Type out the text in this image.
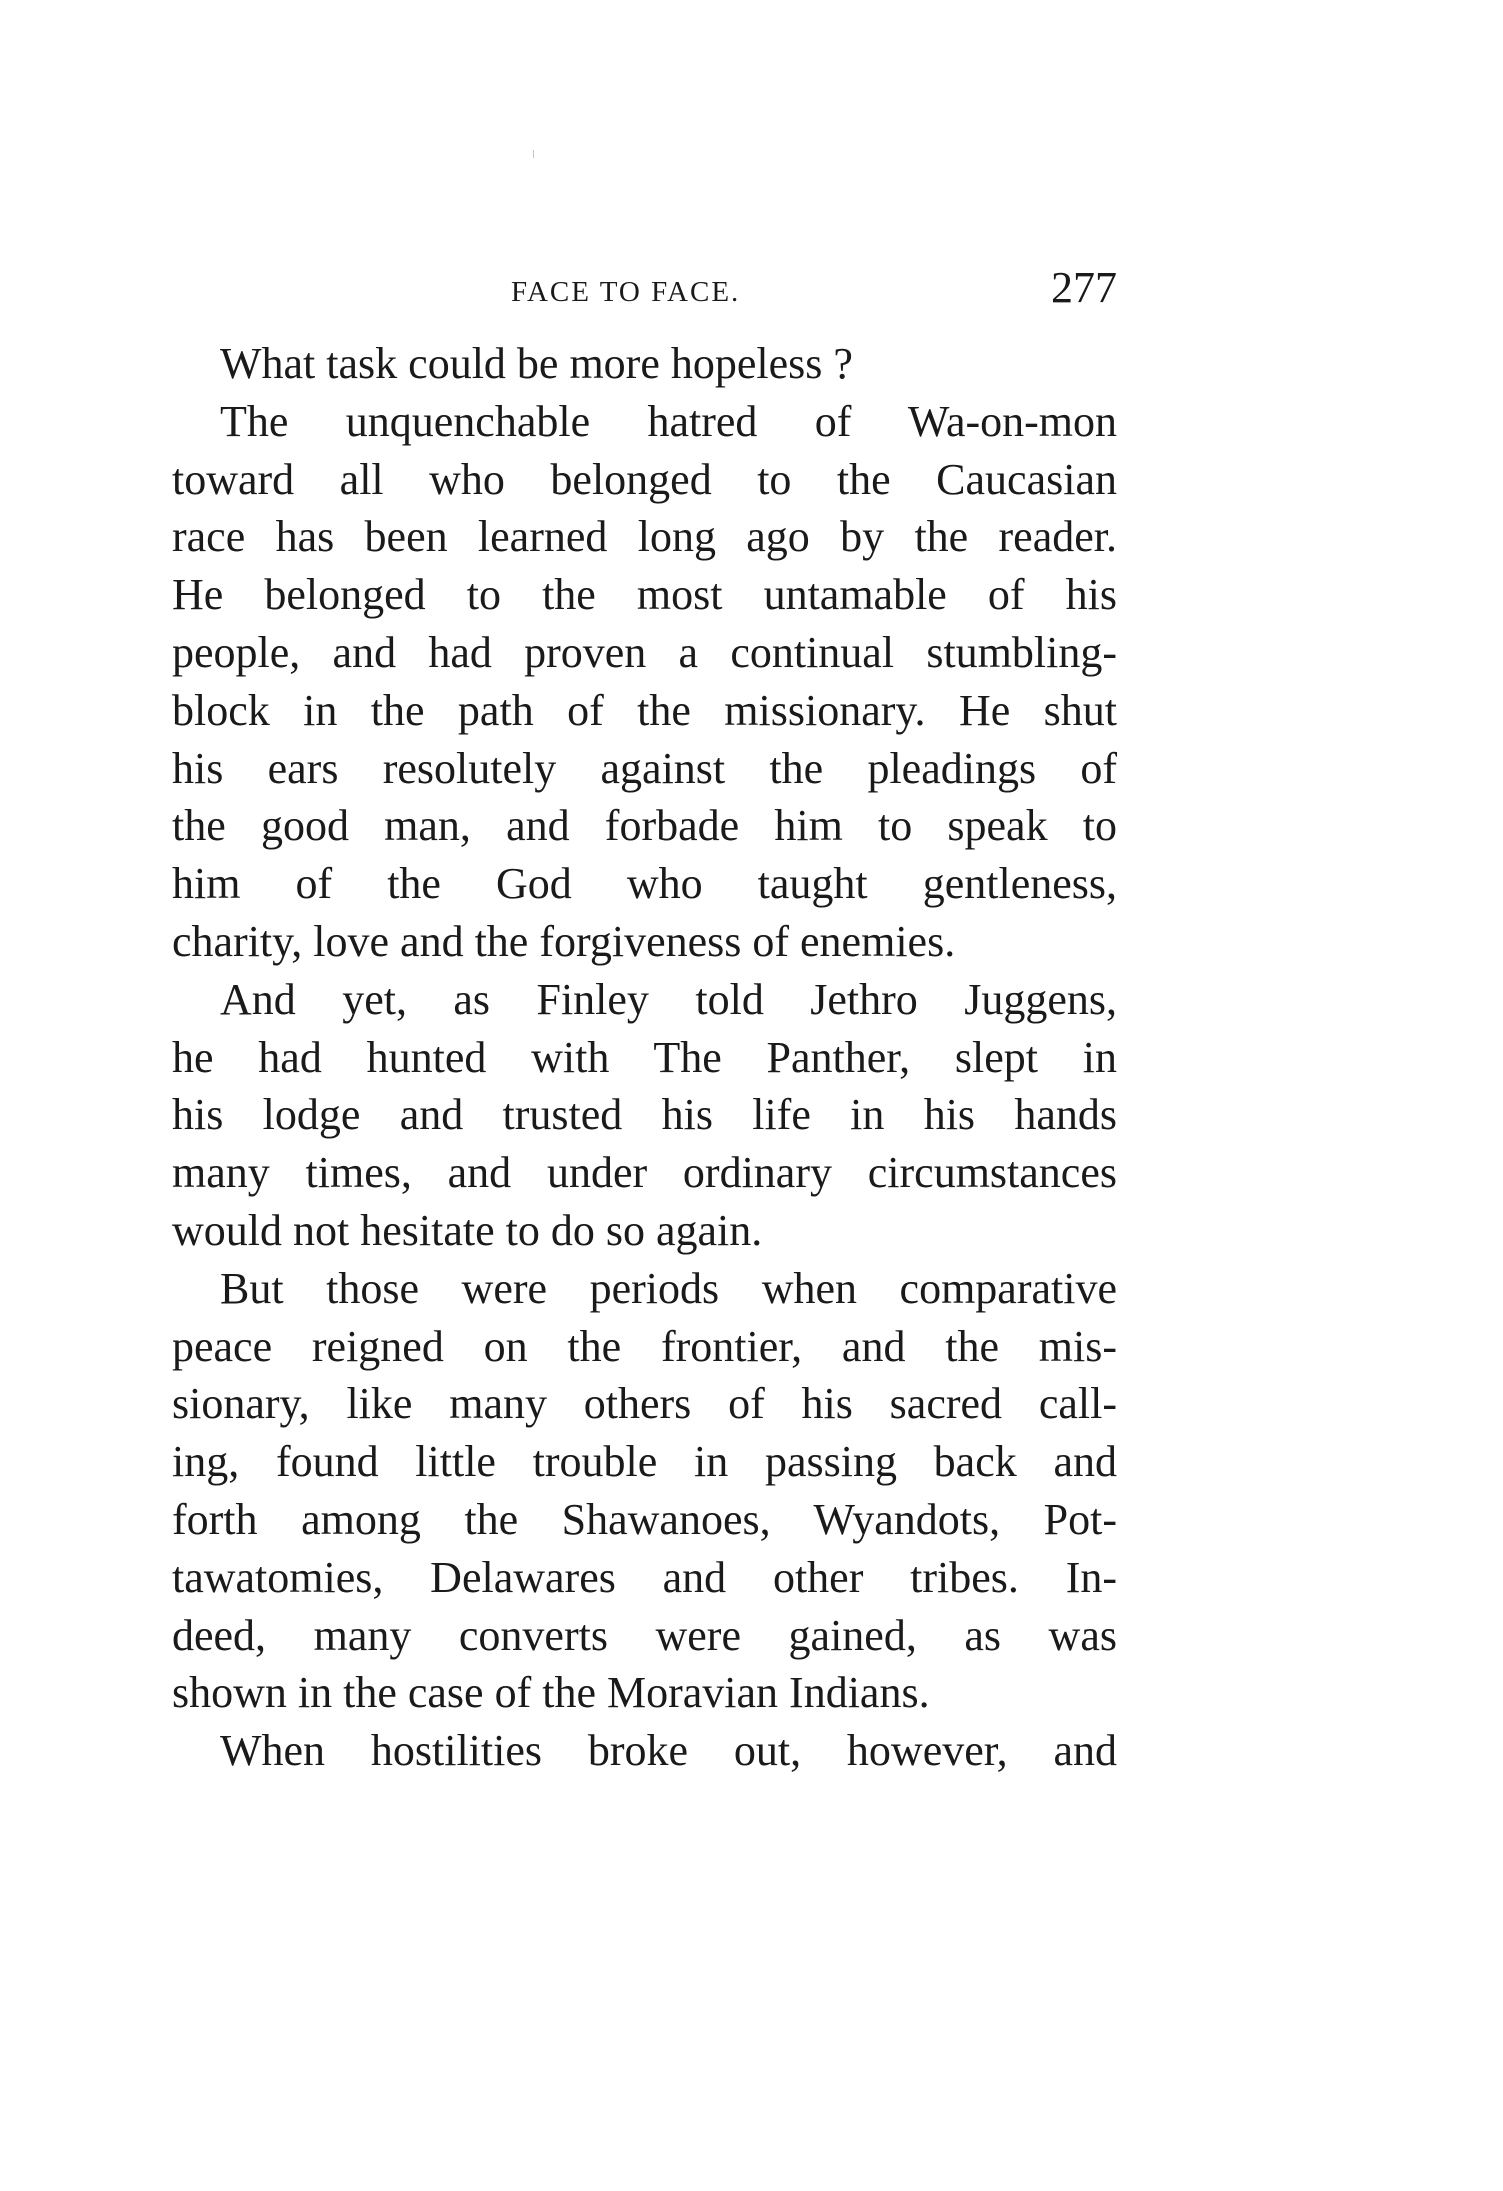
FACE TO FACE.	277
What task could be more hopeless ?
The unquenchable hatred of Wa-on-mon
toward all who belonged to the Caucasian
race has been learned long ago by the reader.
He belonged to the most untamable of his
people, and had proven a continual stumbling-
block in the path of the missionary. He shut
his ears resolutely against the pleadings of
the good man, and forbade him to speak to
him of the God who taught gentleness,
charity, love and the forgiveness of enemies.
And yet, as Finley told Jethro Juggens,
he had hunted with The Panther, slept in
his lodge and trusted his life in his hands
many times, and under ordinary circumstances
would not hesitate to do so again.
But those were periods when comparative
peace reigned on the frontier, and the mis-
sionary, like many others of his sacred call-
ing, found little trouble in passing back and
forth among the Shawanoes, Wyandots, Pot-
tawatomies, Delawares and other tribes. In-
deed, many converts were gained, as was
shown in the case of the Moravian Indians.
When hostilities broke out, however, and
